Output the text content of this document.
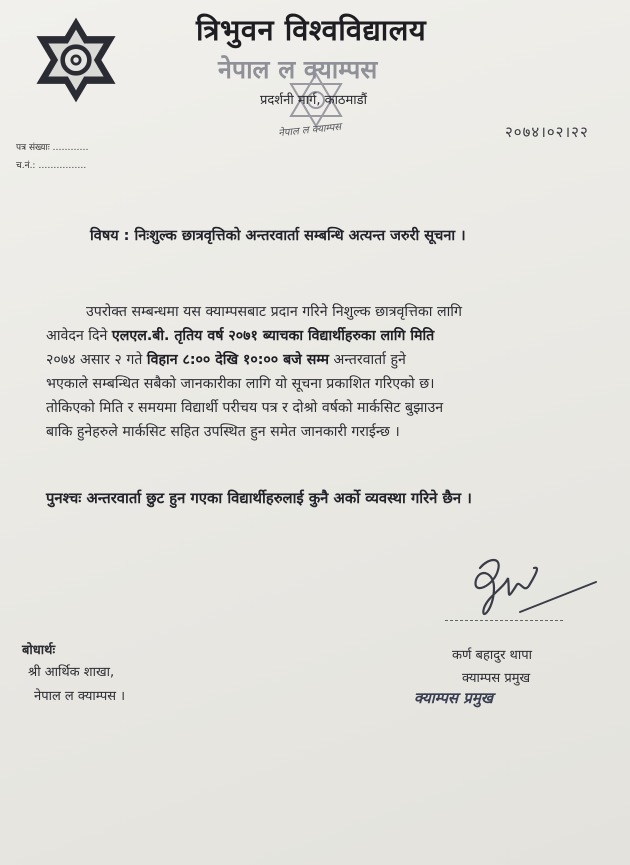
त्रिभुवन विश्वविद्यालय
नेपाल ल क्याम्पस
प्रदर्शनी मार्ग, काठमाडौं
नेपाल ल क्याम्पस
पत्र संख्याः …………
च.नं.: …………….
२०७४।०२।२२
विषय : निःशुल्क छात्रवृत्तिको अन्तरवार्ता सम्बन्धि अत्यन्त जरुरी सूचना ।
उपरोक्त सम्बन्धमा यस क्याम्पसबाट प्रदान गरिने निशुल्क छात्रवृत्तिका लागि
आवेदन दिने एलएल.बी. तृतिय वर्ष २०७१ ब्याचका विद्यार्थीहरुका लागि मिति
२०७४ असार २ गते विहान ८:०० देखि १०:०० बजे सम्म अन्तरवार्ता हुने
भएकाले सम्बन्धित सबैको जानकारीका लागि यो सूचना प्रकाशित गरिएको छ।
तोकिएको मिति र समयमा विद्यार्थी परीचय पत्र र दोश्रो वर्षको मार्कसिट बुझाउन
बाकि हुनेहरुले मार्कसिट सहित उपस्थित हुन समेत जानकारी गराईन्छ ।
पुनश्चः अन्तरवार्ता छुट हुन गएका विद्यार्थीहरुलाई कुनै अर्को व्यवस्था गरिने छैन ।
कर्ण बहादुर थापा
क्याम्पस प्रमुख
क्याम्पस प्रमुख
बोधार्थः
श्री आर्थिक शाखा,
नेपाल ल क्याम्पस ।
